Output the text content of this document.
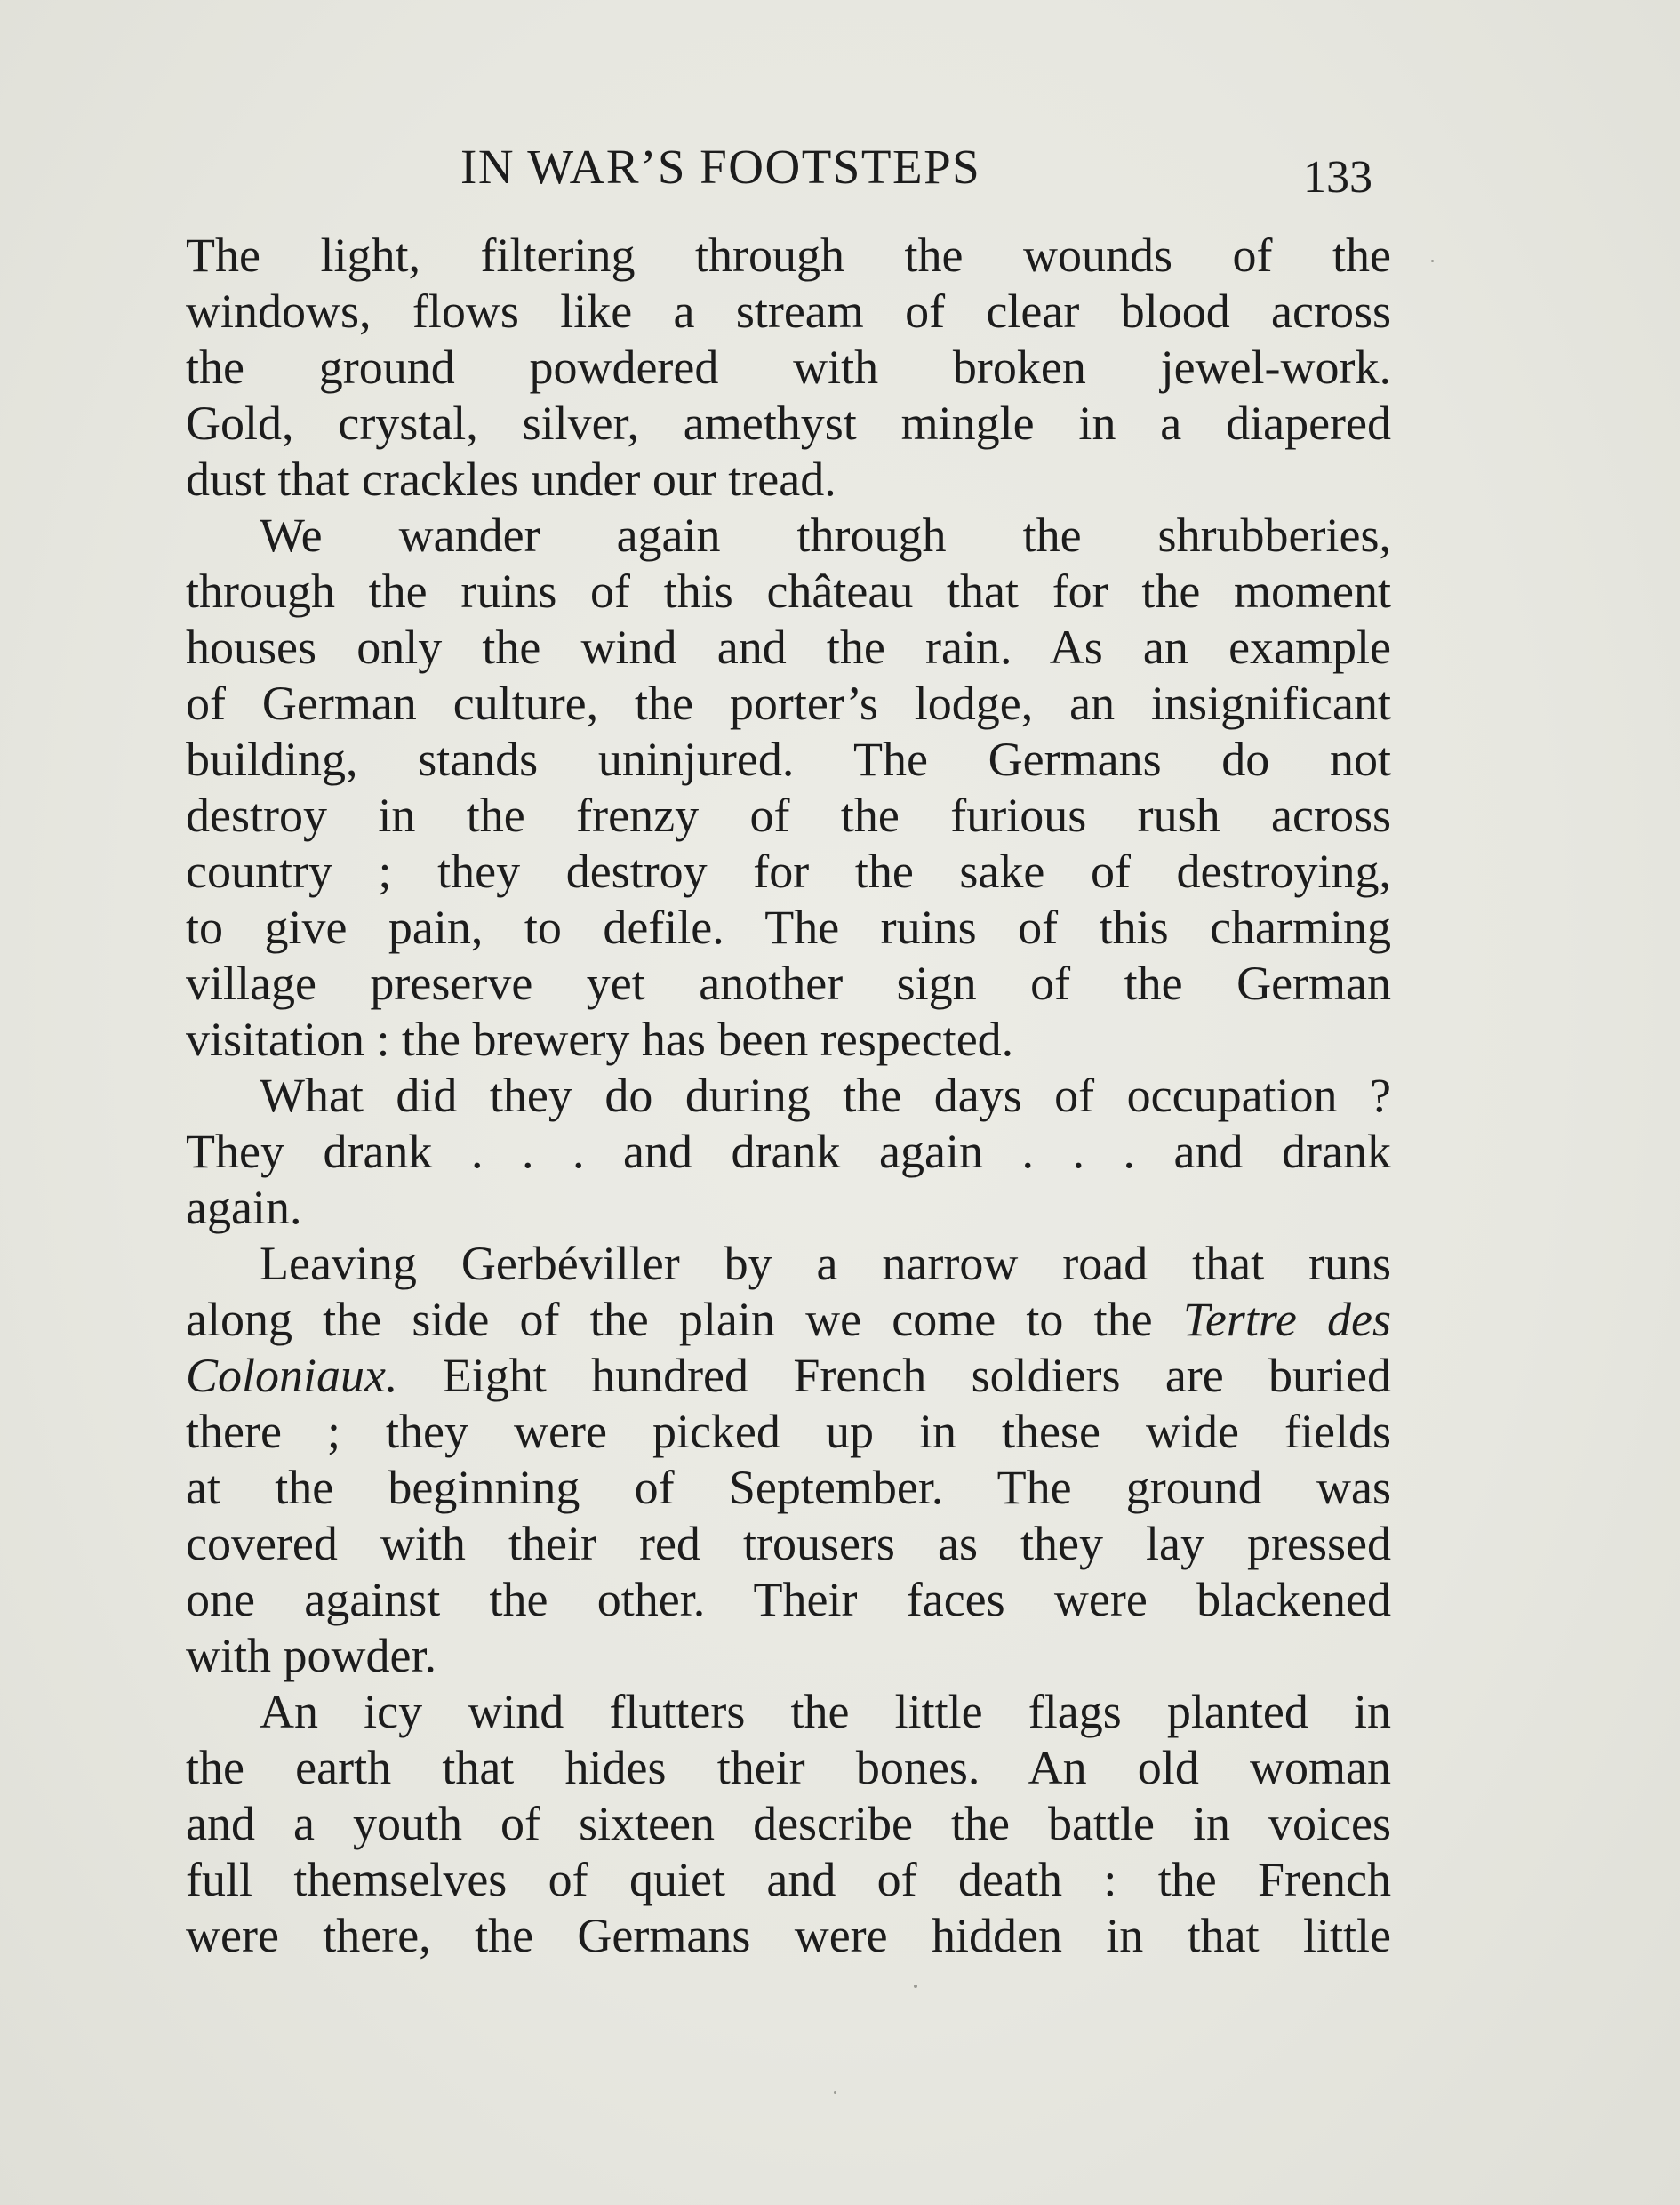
IN WAR’S FOOTSTEPS	133
The light, filtering through the wounds of the
windows, flows like a stream of clear blood across
the ground powdered with broken jewel-work.
Gold, crystal, silver, amethyst mingle in a diapered
dust that crackles under our tread.
We wander again through the shrubberies,
through the ruins of this château that for the moment
houses only the wind and the rain. As an example
of German culture, the porter’s lodge, an insignificant
building, stands uninjured. The Germans do not
destroy in the frenzy of the furious rush across
country ; they destroy for the sake of destroying,
to give pain, to defile. The ruins of this charming
village preserve yet another sign of the German
visitation : the brewery has been respected.
What did they do during the days of occupation ?
They drank . . . and drank again . . . and drank
again.
Leaving Gerbéviller by a narrow road that runs
along the side of the plain we come to the Tertre des
Coloniaux. Eight hundred French soldiers are buried
there ; they were picked up in these wide fields
at the beginning of September. The ground was
covered with their red trousers as they lay pressed
one against the other. Their faces were blackened
with powder.
An icy wind flutters the little flags planted in
the earth that hides their bones. An old woman
and a youth of sixteen describe the battle in voices
full themselves of quiet and of death : the French
were there, the Germans were hidden in that little
